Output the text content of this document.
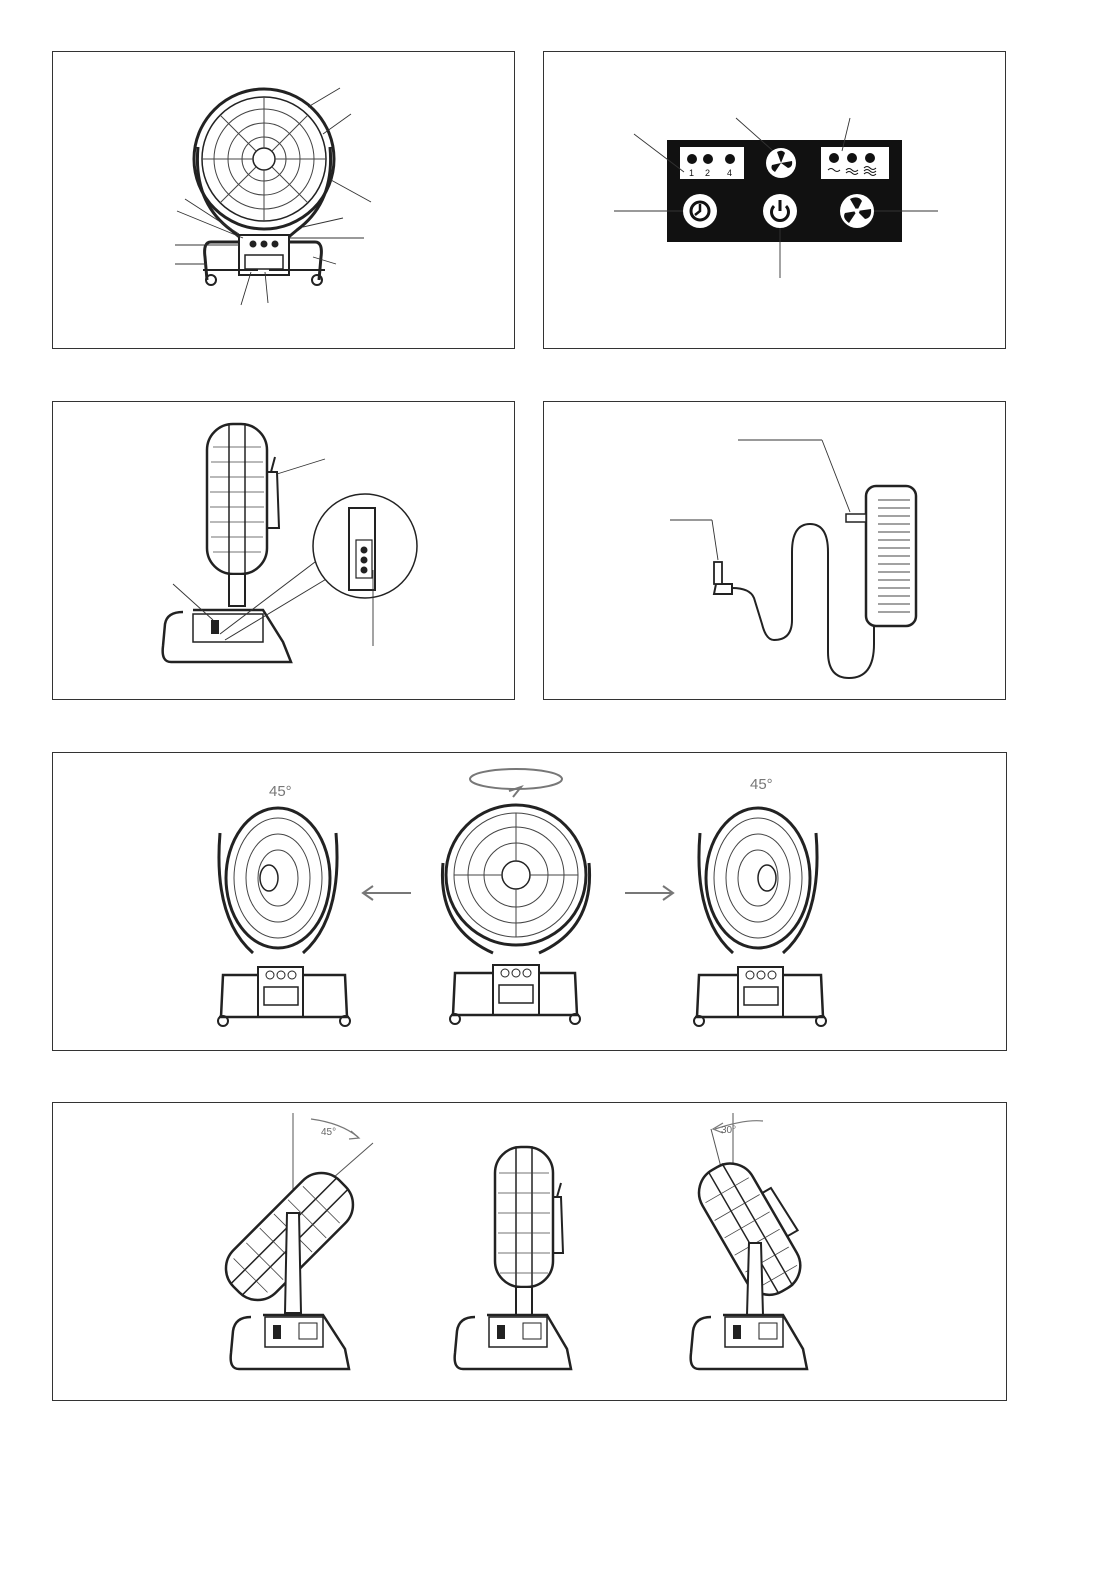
1 2 4
45°	45°
45°	30°
